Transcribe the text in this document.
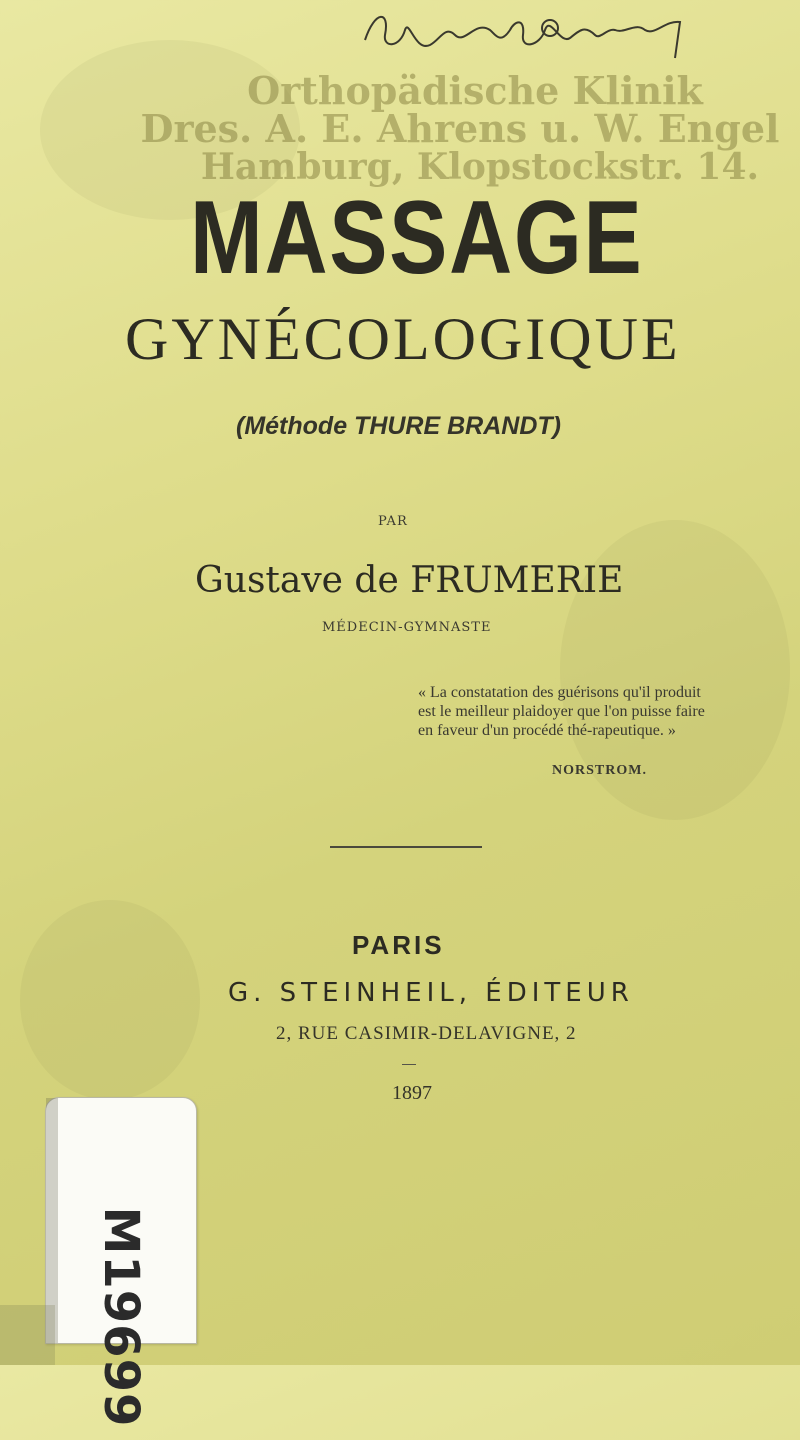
Orthopädische Klinik
Dres. A. E. Ahrens u. W. Engel
Hamburg, Klopstockstr. 14.
MASSAGE
GYNÉCOLOGIQUE
(Méthode THURE BRANDT)
PAR
Gustave de FRUMERIE
MÉDECIN-GYMNASTE
« La constatation des guérisons qu'il produit est le meilleur plaidoyer que l'on puisse faire en faveur d'un procédé thé-rapeutique. »
NORSTROM.
PARIS
G. STEINHEIL, ÉDITEUR
2, RUE CASIMIR-DELAVIGNE, 2
1897
M19699
